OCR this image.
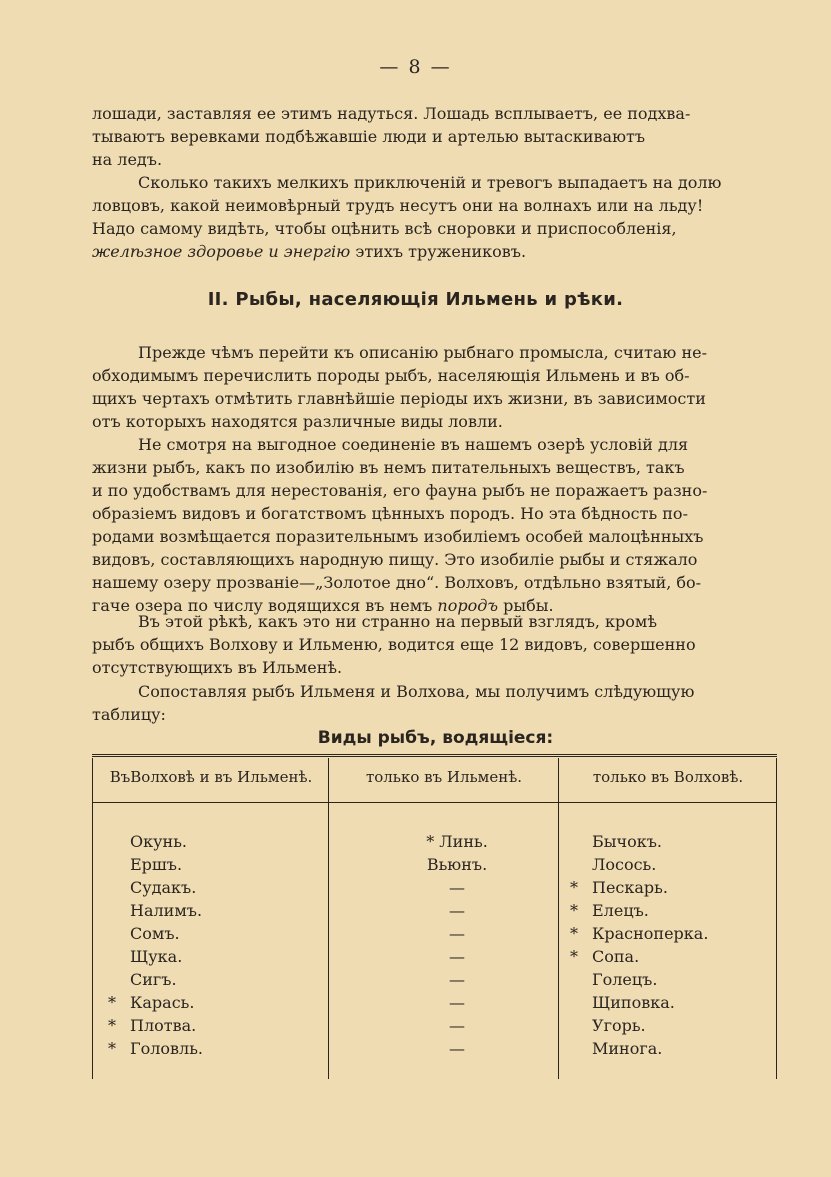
— 8 —
лошади, заставляя ее этимъ надуться. Лошадь всплываетъ, ее подхва-
тываютъ веревками подбѣжавшіе люди и артелью вытаскиваютъ
на ледъ.
Сколько такихъ мелкихъ приключеній и тревогъ выпадаетъ на долю
ловцовъ, какой неимовѣрный трудъ несутъ они на волнахъ или на льду!
Надо самому видѣть, чтобы оцѣнить всѣ сноровки и приспособленія,
желѣзное здоровье и энергію этихъ тружениковъ.
II. Рыбы, населяющія Ильмень и рѣки.
Прежде чѣмъ перейти къ описанію рыбнаго промысла, считаю не-
обходимымъ перечислить породы рыбъ, населяющія Ильмень и въ об-
щихъ чертахъ отмѣтить главнѣйшіе періоды ихъ жизни, въ зависимости
отъ которыхъ находятся различные виды ловли.
Не смотря на выгодное соединеніе въ нашемъ озерѣ условій для
жизни рыбъ, какъ по изобилію въ немъ питательныхъ веществъ, такъ
и по удобствамъ для нерестованія, его фауна рыбъ не поражаетъ разно-
образіемъ видовъ и богатствомъ цѣнныхъ породъ. Но эта бѣдность по-
родами возмѣщается поразительнымъ изобиліемъ особей малоцѣнныхъ
видовъ, составляющихъ народную пищу. Это изобиліе рыбы и стяжало
нашему озеру прозваніе—„Золотое дно“. Волховъ, отдѣльно взятый, бо-
гаче озера по числу водящихся въ немъ породъ рыбы.
Въ этой рѣкѣ, какъ это ни странно на первый взглядъ, кромѣ
рыбъ общихъ Волхову и Ильменю, водится еще 12 видовъ, совершенно
отсутствующихъ въ Ильменѣ.
Сопоставляя рыбъ Ильменя и Волхова, мы получимъ слѣдующую
таблицу:
Виды рыбъ, водящіеся:
ВъВолховѣ и въ Ильменѣ.	только въ Ильменѣ.	только въ Волховѣ.
Окунь.
Ершъ.
Судакъ.
Налимъ.
Сомъ.
Щука.
Сигъ.
* Карась.
* Плотва.
* Головль.
* Линь.
Вьюнъ.
—
—
—
—
—
—
—
—
Бычокъ.
Лосось.
* Пескарь.
* Елецъ.
* Краснoперка.
* Сопа.
Голецъ.
Щиповка.
Угорь.
Минога.
